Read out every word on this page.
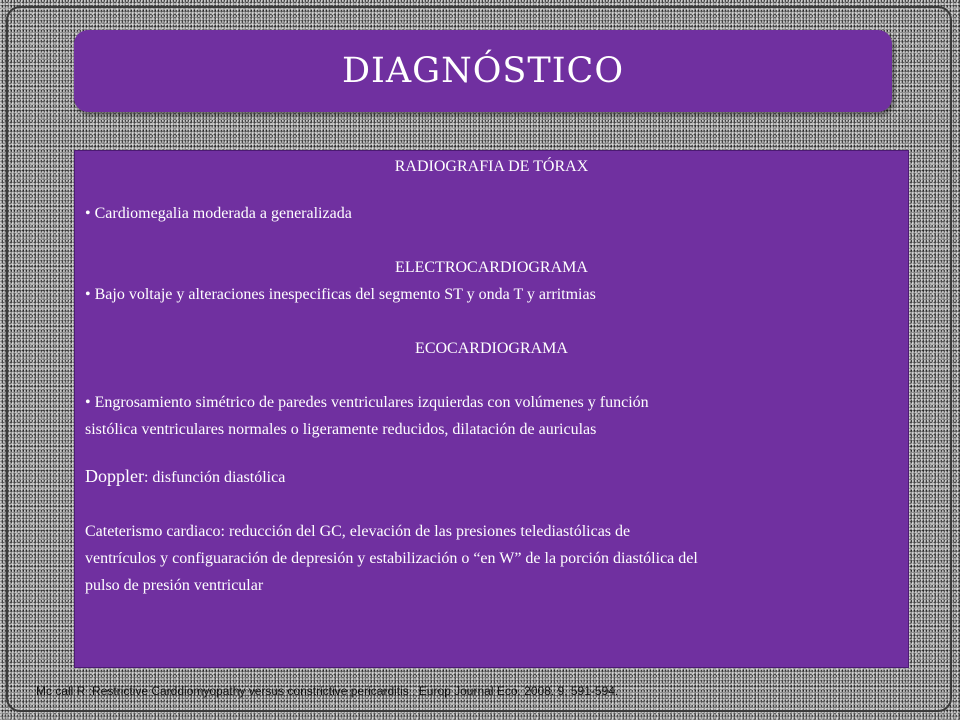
DIAGNÓSTICO
RADIOGRAFIA DE TÓRAX
• Cardiomegalia moderada a generalizada
ELECTROCARDIOGRAMA
• Bajo voltaje y alteraciones inespecificas del segmento ST y onda T y arritmias
ECOCARDIOGRAMA
• Engrosamiento simétrico de paredes ventriculares izquierdas con volúmenes y función
sistólica ventriculares normales o ligeramente reducidos, dilatación de auriculas
Doppler: disfunción diastólica
Cateterismo cardiaco: reducción del GC, elevación de las presiones telediastólicas de
ventrículos y configuaración de depresión y estabilización o “en W” de la porción diastólica del
pulso de presión ventricular
Mc call R :Restrictive Carddiomyopathy versus constrictive pericarditis . Europ Journal Eco. 2008. 9, 591-594.
